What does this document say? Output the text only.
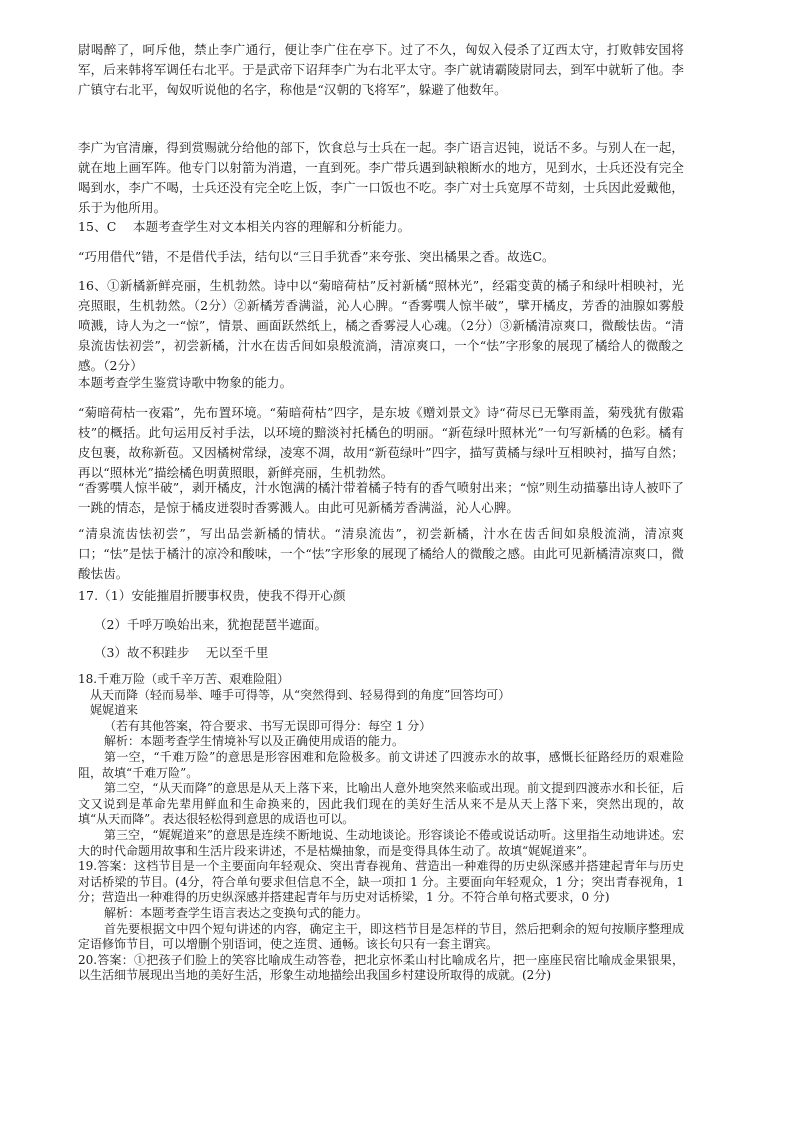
尉喝醉了，呵斥他，禁止李广通行，便让李广住在亭下。过了不久，匈奴入侵杀了辽西太守，打败韩安国将军，后来韩将军调任右北平。于是武帝下诏拜李广为右北平太守。李广就请霸陵尉同去，到军中就斩了他。李广镇守右北平，匈奴听说他的名字，称他是“汉朝的飞将军”，躲避了他数年。

李广为官清廉，得到赏赐就分给他的部下，饮食总与士兵在一起。李广语言迟钝，说话不多。与别人在一起，就在地上画军阵。他专门以射箭为消遣，一直到死。李广带兵遇到缺粮断水的地方，见到水，士兵还没有完全喝到水，李广不喝，士兵还没有完全吃上饭，李广一口饭也不吃。李广对士兵宽厚不苛刻，士兵因此爱戴他，乐于为他所用。

15、C　 本题考查学生对文本相关内容的理解和分析能力。

“巧用借代”错，不是借代手法，结句以“三日手犹香”来夸张、突出橘果之香。故选C。

16、①新橘新鲜亮丽，生机勃然。诗中以“菊暗荷枯”反衬新橘“照林光”，经霜变黄的橘子和绿叶相映衬，光亮照眼，生机勃然。（2分）②新橘芳香满溢，沁人心脾。“香雾噀人惊半破”，擘开橘皮，芳香的油腺如雾般喷溅，诗人为之一“惊”，情景、画面跃然纸上，橘之香雾浸人心魂。（2分）③新橘清凉爽口，微酸怯齿。“清泉流齿怯初尝”，初尝新橘，汁水在齿舌间如泉般流淌，清凉爽口，一个“怯”字形象的展现了橘给人的微酸之感。（2分）

本题考查学生鉴赏诗歌中物象的能力。

“菊暗荷枯一夜霜”，先布置环境。“菊暗荷枯”四字，是东坡《赠刘景文》诗“荷尽已无擎雨盖，菊残犹有傲霜枝”的概括。此句运用反衬手法，以环境的黯淡衬托橘色的明丽。“新苞绿叶照林光”一句写新橘的色彩。橘有皮包裹，故称新苞。又因橘树常绿，凌寒不凋，故用“新苞绿叶”四字，描写黄橘与绿叶互相映衬，描写自然；再以“照林光”描绘橘色明黄照眼，新鲜亮丽，生机勃然。

“香雾噀人惊半破”，剥开橘皮，汁水饱满的橘汁带着橘子特有的香气喷射出来；“惊”则生动描摹出诗人被吓了一跳的情态，是惊于橘皮迸裂时香雾溅人。由此可见新橘芳香满溢，沁人心脾。

“清泉流齿怯初尝”，写出品尝新橘的情状。“清泉流齿”，初尝新橘，汁水在齿舌间如泉般流淌，清凉爽口；“怯”是怯于橘汁的凉冷和酸味，一个“怯”字形象的展现了橘给人的微酸之感。由此可见新橘清凉爽口，微酸怯齿。

17.（1）安能摧眉折腰事权贵，使我不得开心颜

（2）千呼万唤始出来，犹抱琵琶半遮面。

（3）故不积跬步　 无以至千里

18.千难万险（或千辛万苦、艰难险阻）
从天而降（轻而易举、唾手可得等，从“突然得到、轻易得到的角度”回答均可）
娓娓道来
（若有其他答案，符合要求、书写无误即可得分：每空 1 分）
解析：本题考查学生情境补写以及正确使用成语的能力。
第一空，“千难万险”的意思是形容困难和危险极多。前文讲述了四渡赤水的故事，感慨长征路经历的艰难险阻，故填“千难万险”。
第二空，“从天而降”的意思是从天上落下来，比喻出人意外地突然来临或出现。前文提到四渡赤水和长征，后文又说到是革命先辈用鲜血和生命换来的，因此我们现在的美好生活从来不是从天上落下来，突然出现的，故填“从天而降”。表达很轻松得到意思的成语也可以。
第三空，“娓娓道来”的意思是连续不断地说、生动地谈论。形容谈论不倦或说话动听。这里指生动地讲述。宏大的时代命题用故事和生活片段来讲述，不是枯燥抽象，而是变得具体生动了。故填“娓娓道来”。
19.答案：这档节目是一个主要面向年轻观众、突出青春视角、营造出一种难得的历史纵深感并搭建起青年与历史对话桥梁的节目。(4分，符合单句要求但信息不全，缺一项扣 1 分。主要面向年轻观众，1 分；突出青春视角，1 分；营造出一种难得的历史纵深感并搭建起青年与历史对话桥梁，1 分。不符合单句格式要求，0 分)
解析：本题考查学生语言表达之变换句式的能力。
首先要根据文中四个短句讲述的内容，确定主干，即这档节目是怎样的节目，然后把剩余的短句按顺序整理成定语修饰节目，可以增删个别语词，使之连贯、通畅。该长句只有一套主谓宾。
20.答案：①把孩子们脸上的笑容比喻成生动答卷，把北京怀柔山村比喻成名片，把一座座民宿比喻成金果银果，以生活细节展现出当地的美好生活，形象生动地描绘出我国乡村建设所取得的成就。(2分)
